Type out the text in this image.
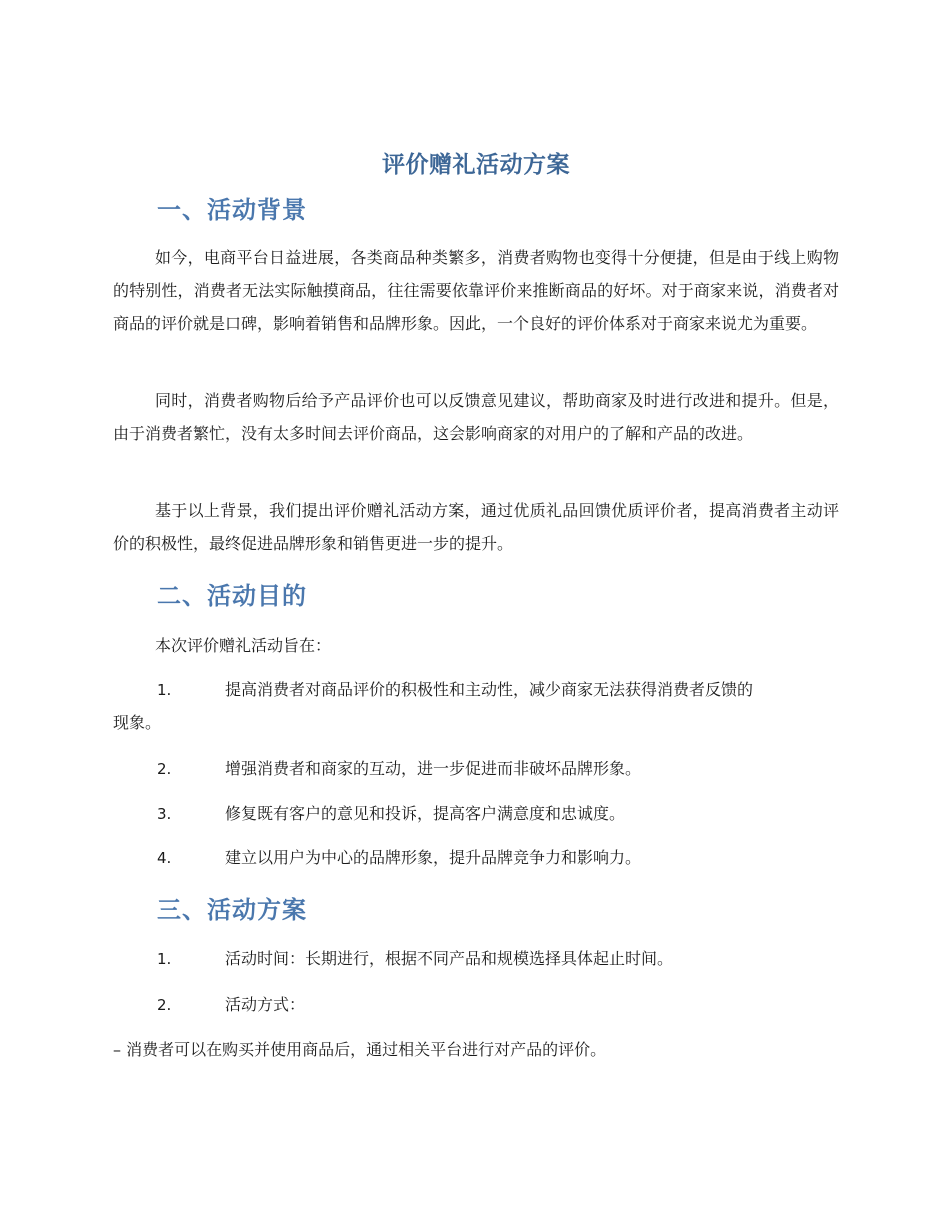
评价赠礼活动方案
一、活动背景

如今，电商平台日益进展，各类商品种类繁多，消费者购物也变得十分便捷，但是由于线上购物的特别性，消费者无法实际触摸商品，往往需要依靠评价来推断商品的好坏。对于商家来说，消费者对商品的评价就是口碑，影响着销售和品牌形象。因此，一个良好的评价体系对于商家来说尤为重要。

同时，消费者购物后给予产品评价也可以反馈意见建议，帮助商家及时进行改进和提升。但是，由于消费者繁忙，没有太多时间去评价商品，这会影响商家的对用户的了解和产品的改进。

基于以上背景，我们提出评价赠礼活动方案，通过优质礼品回馈优质评价者，提高消费者主动评价的积极性，最终促进品牌形象和销售更进一步的提升。

二、活动目的

本次评价赠礼活动旨在：

1.	提高消费者对商品评价的积极性和主动性，减少商家无法获得消费者反馈的
现象。
2.	增强消费者和商家的互动，进一步促进而非破坏品牌形象。
3.	修复既有客户的意见和投诉，提高客户满意度和忠诚度。
4.	建立以用户为中心的品牌形象，提升品牌竞争力和影响力。
三、活动方案
1.	活动时间：长期进行，根据不同产品和规模选择具体起止时间。
2.	活动方式：

– 消费者可以在购买并使用商品后，通过相关平台进行对产品的评价。
